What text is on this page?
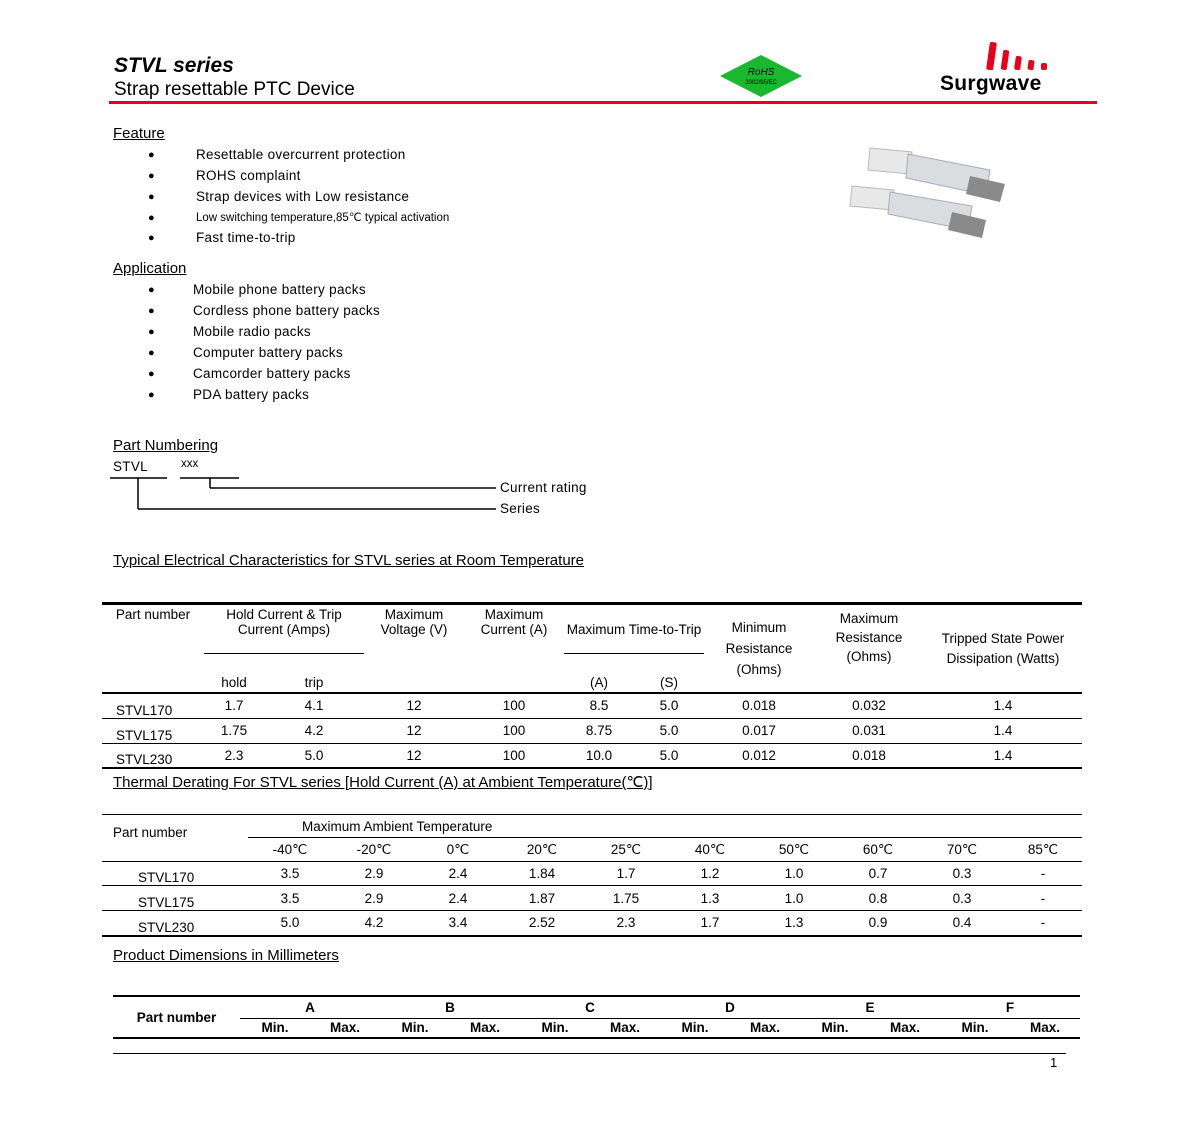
STVL series
Strap resettable PTC Device
RoHS
2002/95/EC	Surgwave
Feature
●	Resettable overcurrent protection
●	ROHS complaint
●	Strap devices with Low resistance
●	Low switching temperature,85℃ typical activation
●	Fast time-to-trip
Application
●	Mobile phone battery packs
●	Cordless phone battery packs
●	Mobile radio packs
●	Computer battery packs
●	Camcorder battery packs
●	PDA battery packs
Part Numbering
STVL	xxx
Current rating
Series
Typical Electrical Characteristics for STVL series at Room Temperature
Part number	Hold Current & Trip Current (Amps)		Maximum Voltage (V)	Maximum Current (A)	Maximum Time-to-Trip		Minimum Resistance (Ohms)	Maximum Resistance (Ohms)	Tripped State Power Dissipation (Watts)
	hold	trip			(A)	(S)			
STVL170	1.7	4.1	12	100	8.5	5.0	0.018	0.032	1.4
STVL175	1.75	4.2	12	100	8.75	5.0	0.017	0.031	1.4
STVL230	2.3	5.0	12	100	10.0	5.0	0.012	0.018	1.4
Thermal Derating For STVL series [Hold Current (A) at Ambient Temperature(℃)]
Part number	Maximum Ambient Temperature									
	-40℃	-20℃	0℃	20℃	25℃	40℃	50℃	60℃	70℃	85℃
STVL170	3.5	2.9	2.4	1.84	1.7	1.2	1.0	0.7	0.3	-
STVL175	3.5	2.9	2.4	1.87	1.75	1.3	1.0	0.8	0.3	-
STVL230	5.0	4.2	3.4	2.52	2.3	1.7	1.3	0.9	0.4	-
Product Dimensions in Millimeters
Part number	A		B		C		D		E		F	
	Min.	Max.	Min.	Max.	Min.	Max.	Min.	Max.	Min.	Max.	Min.	Max.
1
